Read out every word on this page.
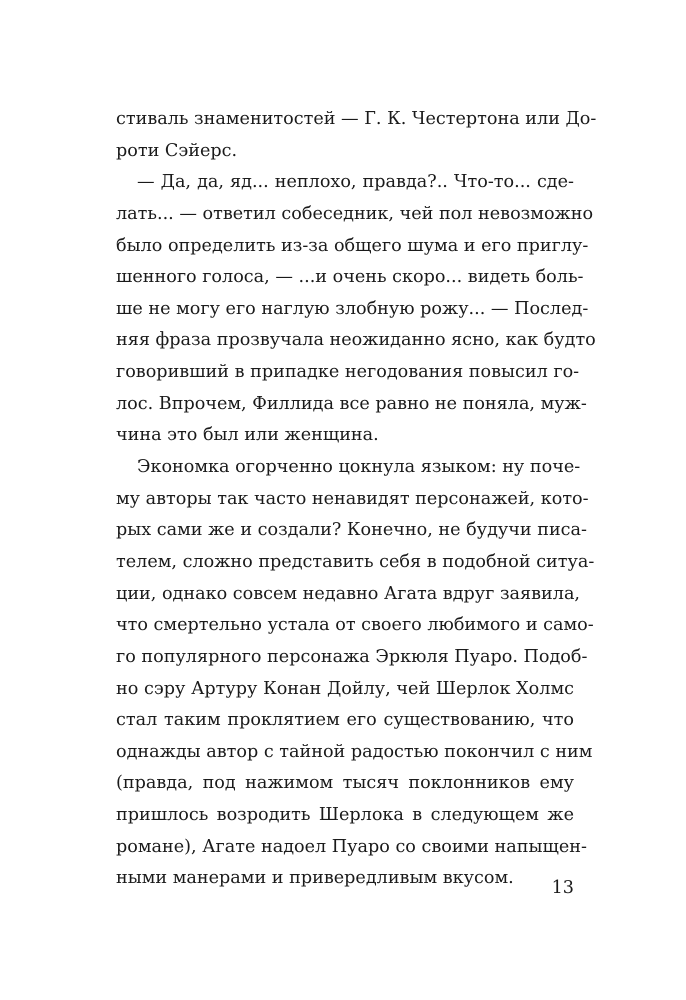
стиваль знаменитостей — Г. К. Честертона или До-
роти Сэйерс.
— Да, да, яд... неплохо, правда?.. Что-то... сде-
лать... — ответил собеседник, чей пол невозможно
было определить из-за общего шума и его приглу-
шенного голоса, — ...и очень скоро... видеть боль-
ше не могу его наглую злобную рожу... — Послед-
няя фраза прозвучала неожиданно ясно, как будто
говоривший в припадке негодования повысил го-
лос. Впрочем, Филлида все равно не поняла, муж-
чина это был или женщина.
Экономка огорченно цокнула языком: ну поче-
му авторы так часто ненавидят персонажей, кото-
рых сами же и создали? Конечно, не будучи писа-
телем, сложно представить себя в подобной ситуа-
ции, однако совсем недавно Агата вдруг заявила,
что смертельно устала от своего любимого и само-
го популярного персонажа Эркюля Пуаро. Подоб-
но сэру Артуру Конан Дойлу, чей Шерлок Холмс
стал таким проклятием его существованию, что
однажды автор с тайной радостью покончил с ним
(правда, под нажимом тысяч поклонников ему
пришлось возродить Шерлока в следующем же
романе), Агате надоел Пуаро со своими напыщен-
ными манерами и привередливым вкусом.	13
